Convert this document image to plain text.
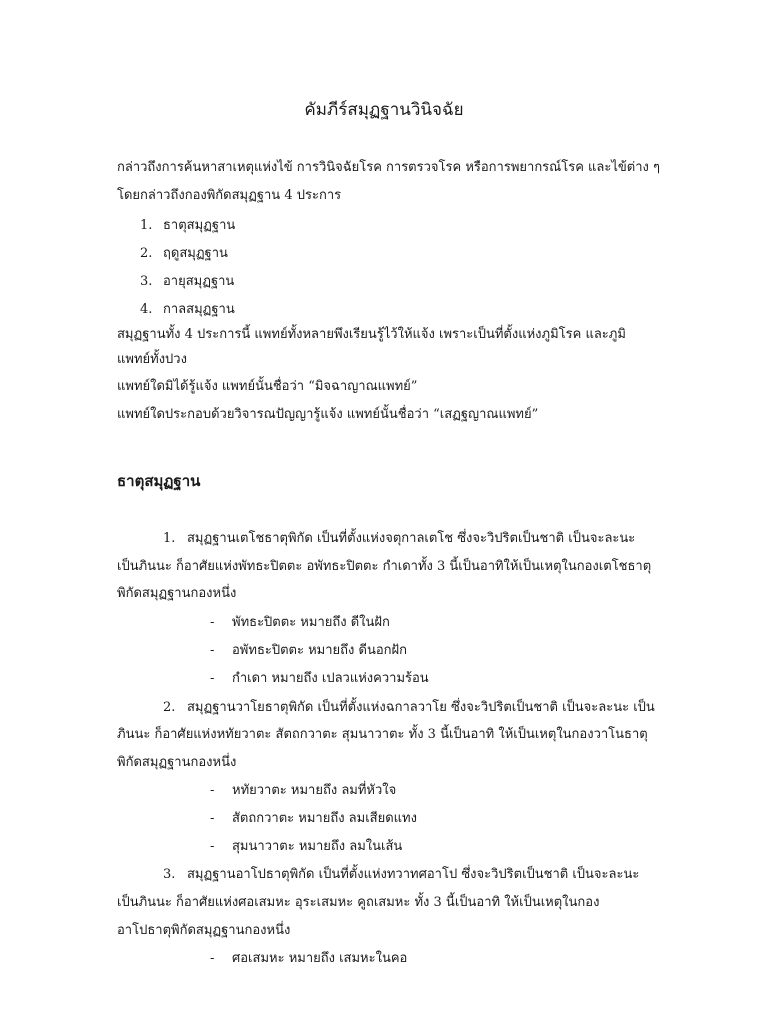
คัมภีร์สมุฏฐานวินิจฉัย
กล่าวถึงการค้นหาสาเหตุแห่งไข้ การวินิจฉัยโรค การตรวจโรค หรือการพยากรณ์โรค และไข้ต่าง ๆ
โดยกล่าวถึงกองพิกัดสมุฏฐาน 4 ประการ
1. ธาตุสมุฏฐาน
2. ฤดูสมุฏฐาน
3. อายุสมุฏฐาน
4. กาลสมุฏฐาน
สมุฏฐานทั้ง 4 ประการนี้ แพทย์ทั้งหลายพึงเรียนรู้ไว้ให้แจ้ง เพราะเป็นที่ตั้งแห่งภูมิโรค และภูมิ
แพทย์ทั้งปวง
แพทย์ใดมิได้รู้แจ้ง แพทย์นั้นชื่อว่า “มิจฉาญาณแพทย์”
แพทย์ใดประกอบด้วยวิจารณปัญญารู้แจ้ง แพทย์นั้นชื่อว่า “เสฏฐญาณแพทย์”
ธาตุสมุฏฐาน
1. สมุฏฐานเตโชธาตุพิกัด เป็นที่ตั้งแห่งจตุกาลเตโช ซึ่งจะวิปริตเป็นชาติ เป็นจะละนะ
เป็นภินนะ ก็อาศัยแห่งพัทธะปิตตะ อพัทธะปิตตะ กำเดาทั้ง 3 นี้เป็นอาทิให้เป็นเหตุในกองเตโชธาตุ
พิกัดสมุฏฐานกองหนึ่ง
- พัทธะปิตตะ หมายถึง ดีในฝัก
- อพัทธะปิตตะ หมายถึง ดีนอกฝัก
- กำเดา หมายถึง เปลวแห่งความร้อน
2. สมุฏฐานวาโยธาตุพิกัด เป็นที่ตั้งแห่งฉกาลวาโย ซึ่งจะวิปริตเป็นชาติ เป็นจะละนะ เป็น
ภินนะ ก็อาศัยแห่งหทัยวาตะ สัตถกวาตะ สุมนาวาตะ ทั้ง 3 นี้เป็นอาทิ ให้เป็นเหตุในกองวาโนธาตุ
พิกัดสมุฏฐานกองหนึ่ง
- หทัยวาตะ หมายถึง ลมที่หัวใจ
- สัตถกวาตะ หมายถึง ลมเสียดแทง
- สุมนาวาตะ หมายถึง ลมในเส้น
3. สมุฏฐานอาโปธาตุพิกัด เป็นที่ตั้งแห่งทวาทศอาโป ซึ่งจะวิปริตเป็นชาติ เป็นจะละนะ
เป็นภินนะ ก็อาศัยแห่งศอเสมหะ อุระเสมหะ คูถเสมหะ ทั้ง 3 นี้เป็นอาทิ ให้เป็นเหตุในกอง
อาโปธาตุพิกัดสมุฏฐานกองหนึ่ง
- ศอเสมหะ หมายถึง เสมหะในคอ
